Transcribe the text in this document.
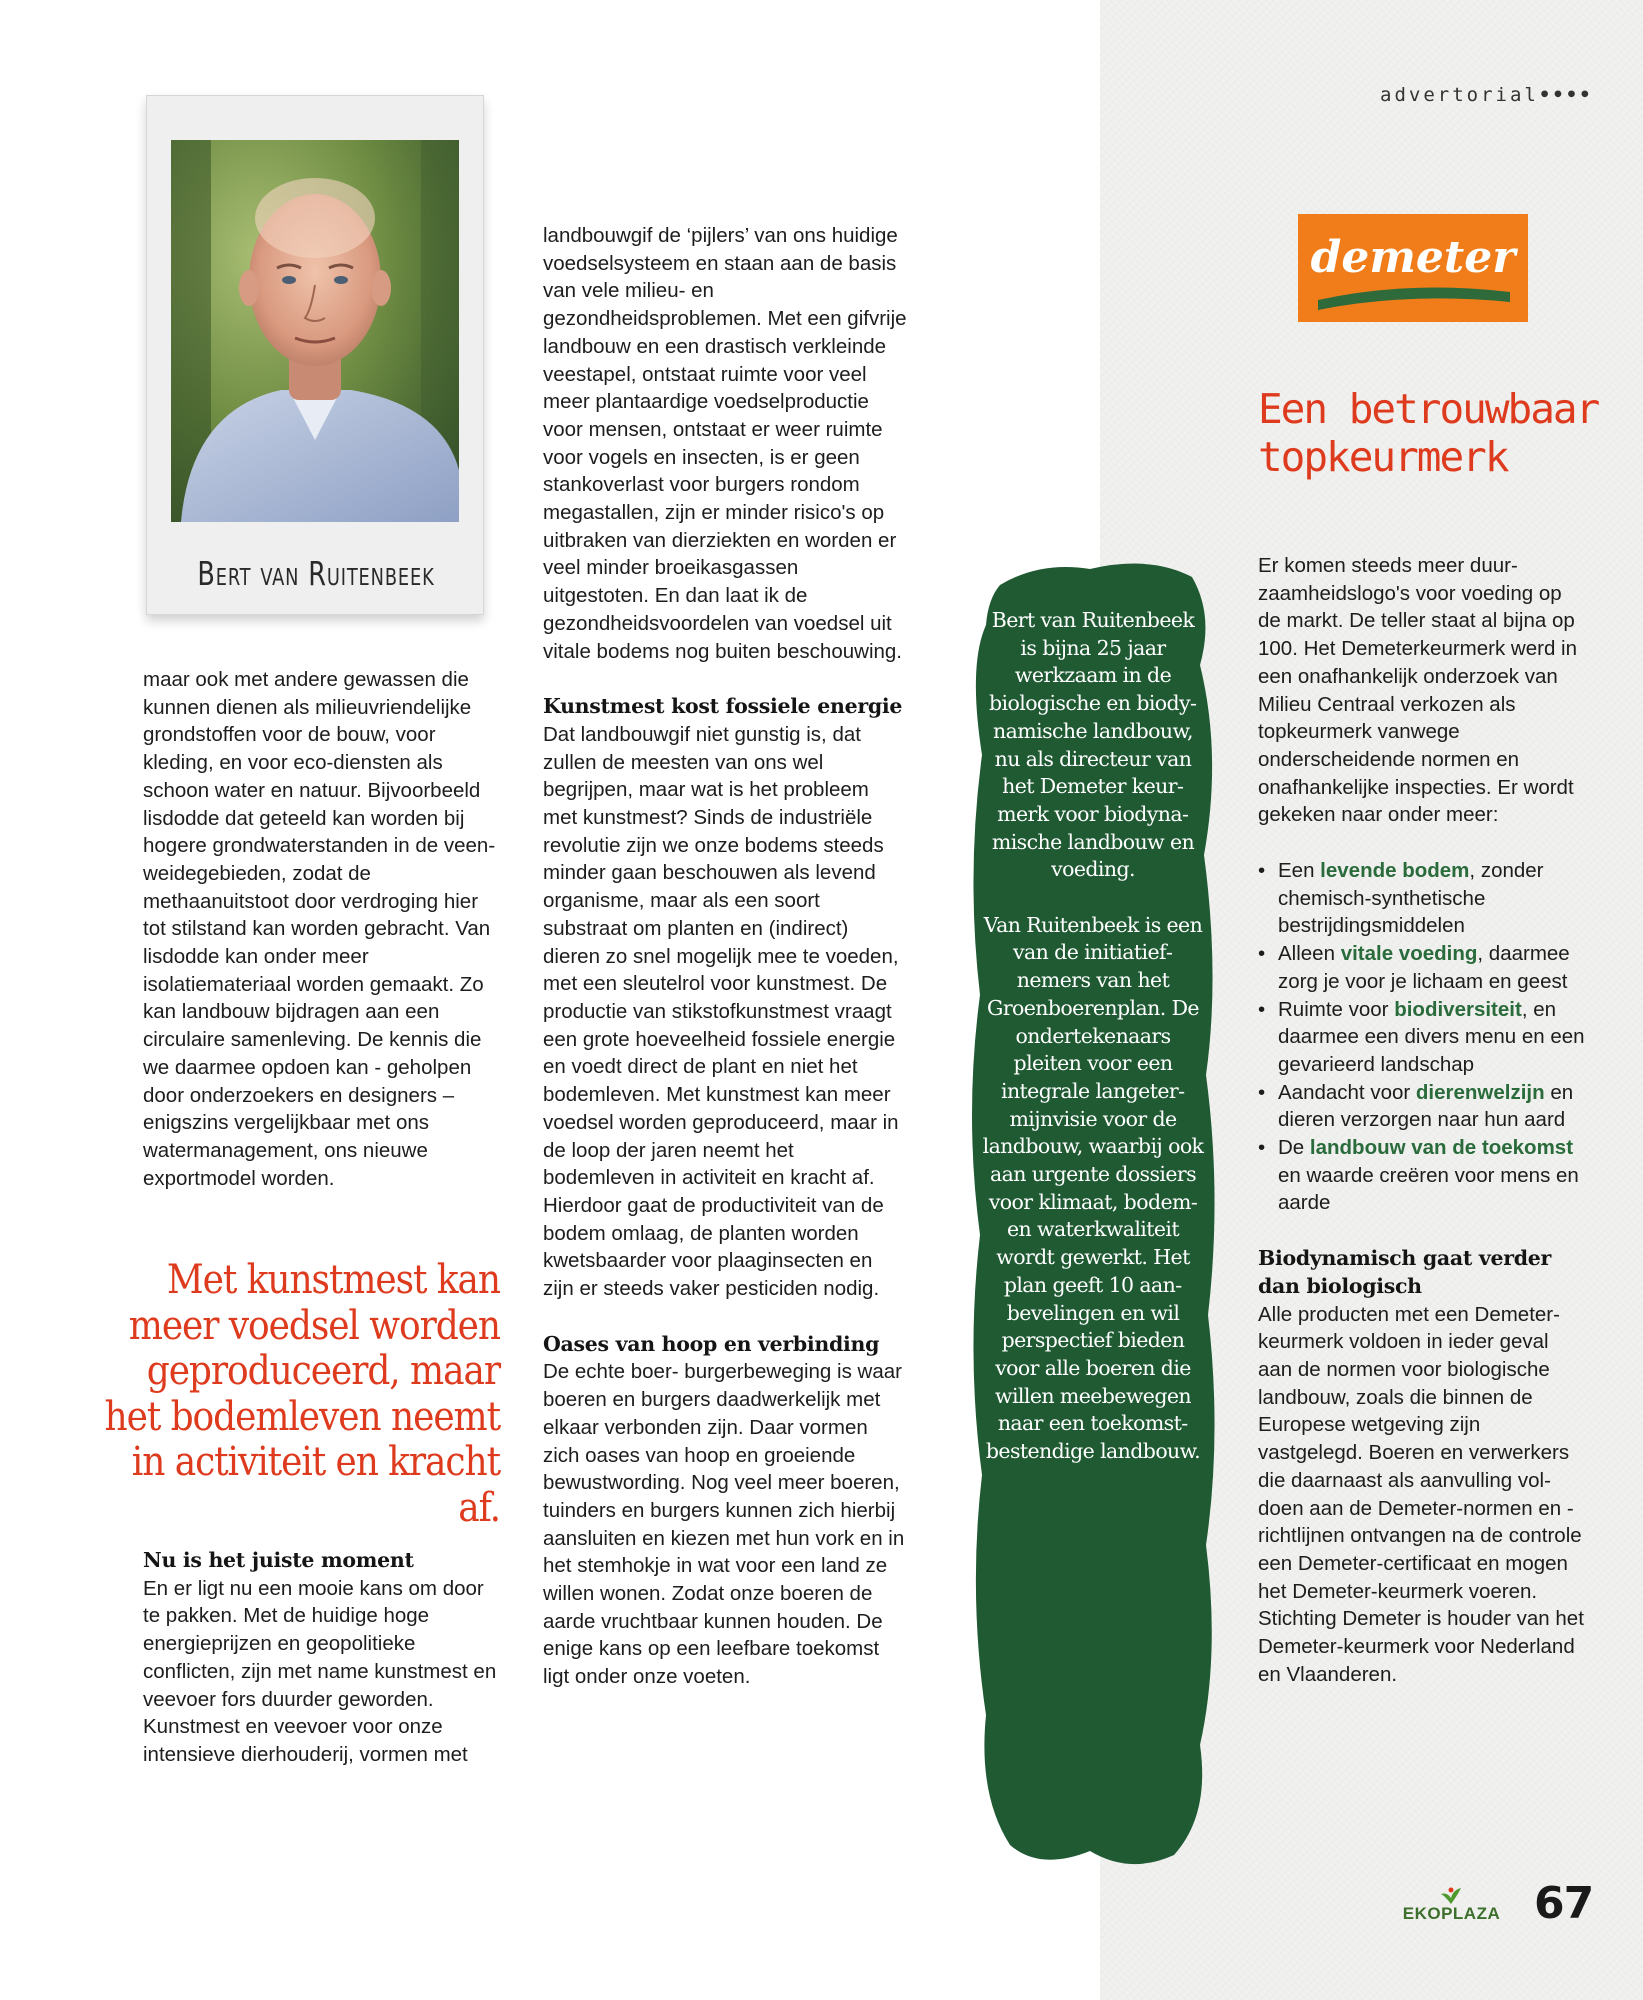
advertorial••••
Bert van Ruitenbeek

maar ook met andere gewassen die kunnen dienen als milieuvriendelijke grondstoffen voor de bouw, voor kleding, en voor eco-diensten als schoon water en natuur. Bijvoorbeeld lisdodde dat geteeld kan worden bij hogere grondwaterstanden in de veen- weidegebieden, zodat de methaanuitstoot door verdroging hier tot stilstand kan worden gebracht. Van lisdodde kan onder meer isolatiemateriaal worden gemaakt. Zo kan landbouw bijdragen aan een circulaire samenleving. De kennis die we daarmee opdoen kan - geholpen door onderzoekers en designers – enigszins vergelijkbaar met ons watermanagement, ons nieuwe exportmodel worden.

Met kunstmest kan meer voedsel worden geproduceerd, maar het bodemleven neemt in activiteit en kracht af.
Nu is het juiste moment

En er ligt nu een mooie kans om door te pakken. Met de huidige hoge energieprijzen en geopolitieke conflicten, zijn met name kunstmest en veevoer fors duurder geworden. Kunstmest en veevoer voor onze intensieve dierhouderij, vormen met

landbouwgif de ‘pijlers’ van ons huidige voedselsysteem en staan aan de basis van vele milieu- en gezondheidsproblemen. Met een gifvrije landbouw en een drastisch verkleinde veestapel, ontstaat ruimte voor veel meer plantaardige voedselproductie voor mensen, ontstaat er weer ruimte voor vogels en insecten, is er geen stankoverlast voor burgers rondom megastallen, zijn er minder risico's op uitbraken van dierziekten en worden er veel minder broeikasgassen uitgestoten. En dan laat ik de gezondheidsvoordelen van voedsel uit vitale bodems nog buiten beschouwing.

Kunstmest kost fossiele energie

Dat landbouwgif niet gunstig is, dat zullen de meesten van ons wel begrijpen, maar wat is het probleem met kunstmest? Sinds de industriële revolutie zijn we onze bodems steeds minder gaan beschouwen als levend organisme, maar als een soort substraat om planten en (indirect) dieren zo snel mogelijk mee te voeden, met een sleutelrol voor kunstmest. De productie van stikstofkunstmest vraagt een grote hoeveelheid fossiele energie en voedt direct de plant en niet het bodemleven. Met kunstmest kan meer voedsel worden geproduceerd, maar in de loop der jaren neemt het bodemleven in activiteit en kracht af. Hierdoor gaat de productiviteit van de bodem omlaag, de planten worden kwetsbaarder voor plaaginsecten en zijn er steeds vaker pesticiden nodig.

Oases van hoop en verbinding

De echte boer- burgerbeweging is waar boeren en burgers daadwerkelijk met elkaar verbonden zijn. Daar vormen zich oases van hoop en groeiende bewustwording. Nog veel meer boeren, tuinders en burgers kunnen zich hierbij aansluiten en kiezen met hun vork en in het stemhokje in wat voor een land ze willen wonen. Zodat onze boeren de aarde vruchtbaar kunnen houden. De enige kans op een leefbare toekomst ligt onder onze voeten.

Bert van Ruitenbeek is bijna 25 jaar werkzaam in de biologische en biodynamische landbouw, nu als directeur van het Demeter keurmerk voor biodynamische landbouw en voeding.

Van Ruitenbeek is een van de initiatiefnemers van het Groenboerenplan. De ondertekenaars pleiten voor een integrale langetermijnvisie voor de landbouw, waarbij ook aan urgente dossiers voor klimaat, bodem- en waterkwaliteit wordt gewerkt. Het plan geeft 10 aanbevelingen en wil perspectief bieden voor alle boeren die willen meebewegen naar een toekomstbestendige landbouw.

demeter
Een betrouwbaar topkeurmerk

Er komen steeds meer duurzaamheidslogo's voor voeding op de markt. De teller staat al bijna op 100. Het Demeterkeurmerk werd in een onafhankelijk onderzoek van Milieu Centraal verkozen als topkeurmerk vanwege onderscheidende normen en onafhankelijke inspecties. Er wordt gekeken naar onder meer:

• Een levende bodem, zonder chemisch-synthetische bestrijdingsmiddelen
• Alleen vitale voeding, daarmee zorg je voor je lichaam en geest
• Ruimte voor biodiversiteit, en daarmee een divers menu en een gevarieerd landschap
• Aandacht voor dierenwelzijn en dieren verzorgen naar hun aard
• De landbouw van de toekomst en waarde creëren voor mens en aarde
Biodynamisch gaat verder dan biologisch

Alle producten met een Demeter-keurmerk voldoen in ieder geval aan de normen voor biologische landbouw, zoals die binnen de Europese wetgeving zijn vastgelegd. Boeren en verwerkers die daarnaast als aanvulling voldoen aan de Demeter-normen en -richtlijnen ontvangen na de controle een Demeter-certificaat en mogen het Demeter-keurmerk voeren. Stichting Demeter is houder van het Demeter-keurmerk voor Nederland en Vlaanderen.

EKOPLAZA 67
